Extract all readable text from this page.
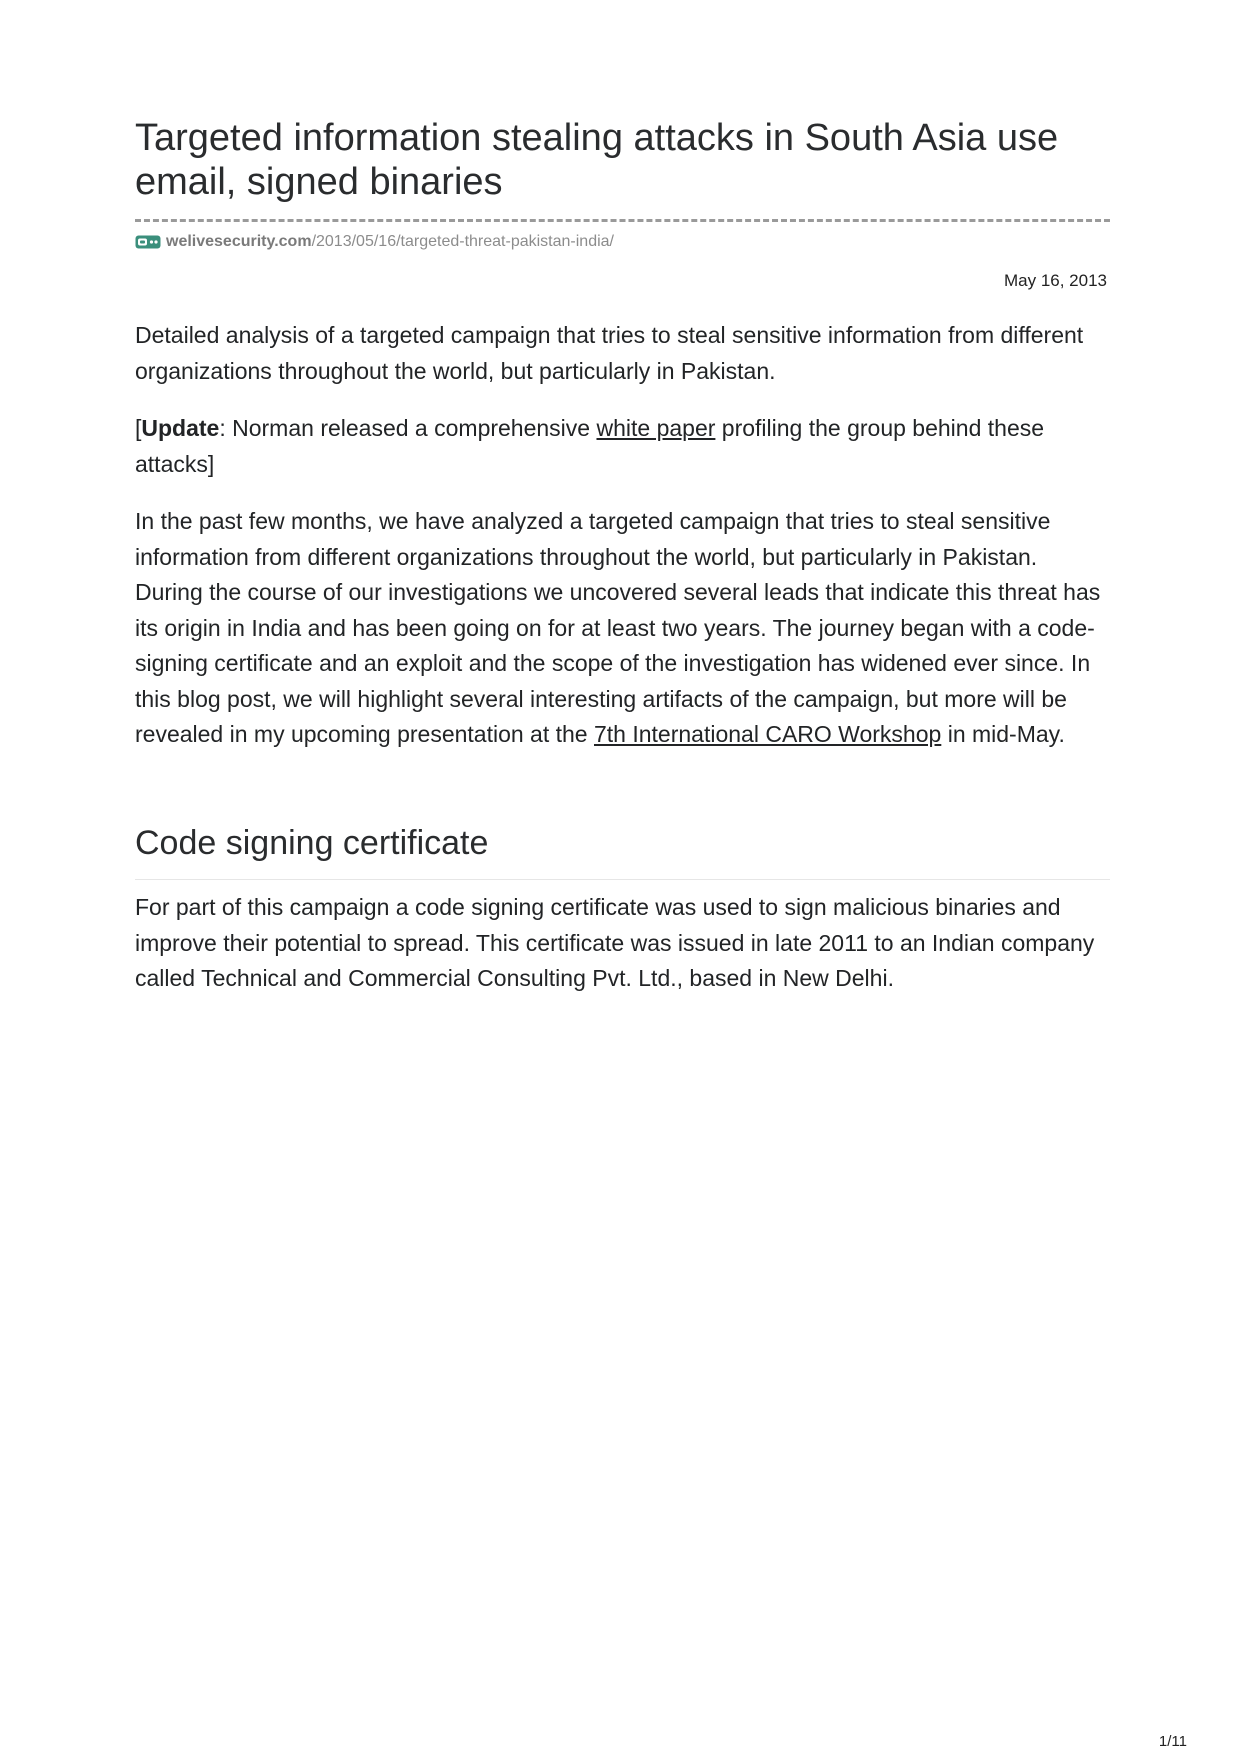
Targeted information stealing attacks in South Asia use email, signed binaries
welivesecurity.com /2013/05/16/targeted-threat-pakistan-india/
May 16, 2013

Detailed analysis of a targeted campaign that tries to steal sensitive information from different organizations throughout the world, but particularly in Pakistan.

[Update: Norman released a comprehensive white paper profiling the group behind these attacks]

In the past few months, we have analyzed a targeted campaign that tries to steal sensitive information from different organizations throughout the world, but particularly in Pakistan. During the course of our investigations we uncovered several leads that indicate this threat has its origin in India and has been going on for at least two years. The journey began with a code-signing certificate and an exploit and the scope of the investigation has widened ever since. In this blog post, we will highlight several interesting artifacts of the campaign, but more will be revealed in my upcoming presentation at the 7th International CARO Workshop in mid-May.

Code signing certificate

For part of this campaign a code signing certificate was used to sign malicious binaries and improve their potential to spread. This certificate was issued in late 2011 to an Indian company called Technical and Commercial Consulting Pvt. Ltd., based in New Delhi.

1/11
